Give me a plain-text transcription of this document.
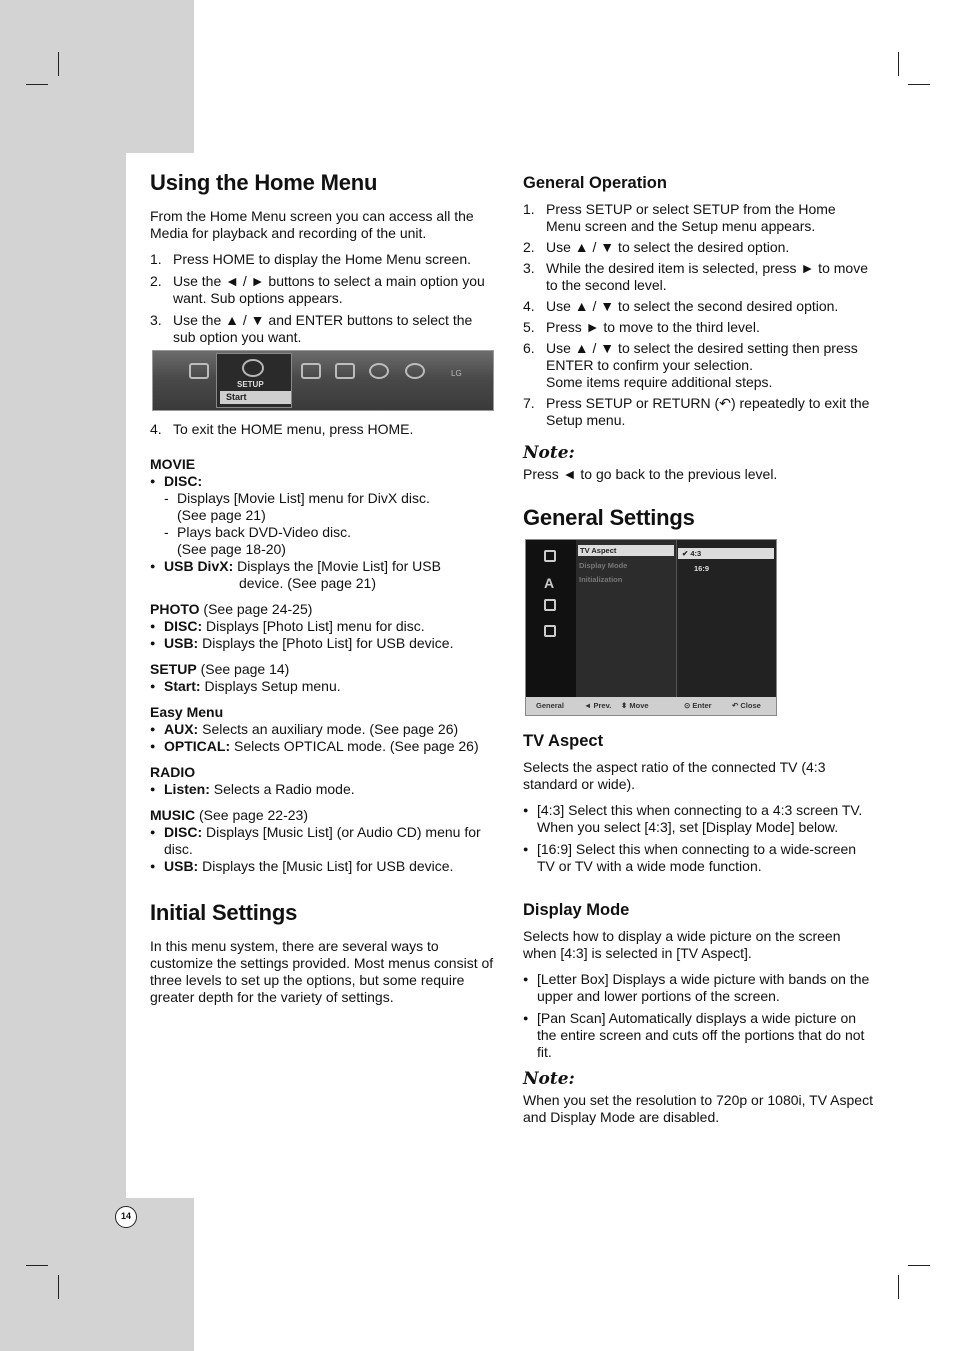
Using the Home Menu

From the Home Menu screen you can access all the Media for playback and recording of the unit.

1. Press HOME to display the Home Menu screen.
2. Use the ◄ / ► buttons to select a main option you want. Sub options appears.
3. Use the ▲ / ▼ and ENTER buttons to select the sub option you want.
SETUP
Start
LG
4. To exit the HOME menu, press HOME.
MOVIE
● DISC:
- Displays [Movie List] menu for DivX disc.
(See page 21)
- Plays back DVD-Video disc.
(See page 18-20)
● USB DivX: Displays the [Movie List] for USB
device. (See page 21)
PHOTO (See page 24-25)
● DISC: Displays [Photo List] menu for disc.
● USB: Displays the [Photo List] for USB device.
SETUP (See page 14)
● Start: Displays Setup menu.
Easy Menu
● AUX: Selects an auxiliary mode. (See page 26)
● OPTICAL: Selects OPTICAL mode. (See page 26)
RADIO
● Listen: Selects a Radio mode.
MUSIC (See page 22-23)
● DISC: Displays [Music List] (or Audio CD) menu for
disc.
● USB: Displays the [Music List] for USB device.
Initial Settings

In this menu system, there are several ways to customize the settings provided. Most menus consist of three levels to set up the options, but some require greater depth for the variety of settings.

General Operation
1. Press SETUP or select SETUP from the Home Menu screen and the Setup menu appears.
2. Use ▲ / ▼ to select the desired option.
3. While the desired item is selected, press ► to move to the second level.
4. Use ▲ / ▼ to select the second desired option.
5. Press ► to move to the third level.
6. Use ▲ / ▼ to select the desired setting then press ENTER to confirm your selection.
Some items require additional steps.
7. Press SETUP or RETURN (↶) repeatedly to exit the Setup menu.
Note:

Press ◄ to go back to the previous level.

General Settings
A
TV Aspect
Display Mode
Initialization
✔ 4:3
16:9
General	◄ Prev. ⬍ Move	⊙ Enter	↶ Close
TV Aspect

Selects the aspect ratio of the connected TV (4:3 standard or wide).

● [4:3] Select this when connecting to a 4:3 screen TV. When you select [4:3], set [Display Mode] below.
● [16:9] Select this when connecting to a wide-screen TV or TV with a wide mode function.
Display Mode

Selects how to display a wide picture on the screen when [4:3] is selected in [TV Aspect].

● [Letter Box] Displays a wide picture with bands on the upper and lower portions of the screen.
● [Pan Scan] Automatically displays a wide picture on the entire screen and cuts off the portions that do not fit.
Note:

When you set the resolution to 720p or 1080i, TV Aspect and Display Mode are disabled.

14
